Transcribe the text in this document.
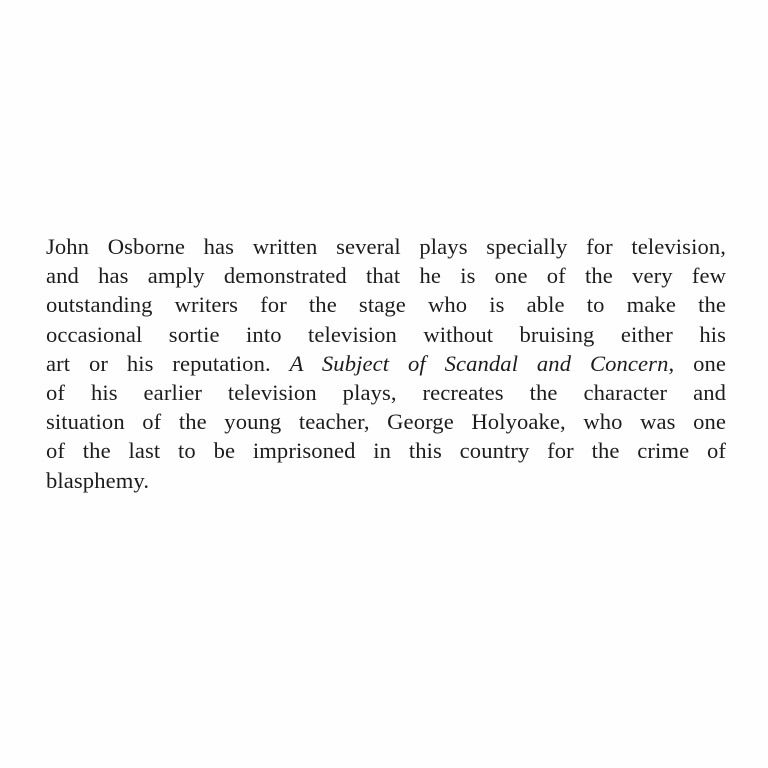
John Osborne has written several plays specially for television,
and has amply demonstrated that he is one of the very few
outstanding writers for the stage who is able to make the
occasional sortie into television without bruising either his
art or his reputation. A Subject of Scandal and Concern, one
of his earlier television plays, recreates the character and
situation of the young teacher, George Holyoake, who was one
of the last to be imprisoned in this country for the crime of
blasphemy.
